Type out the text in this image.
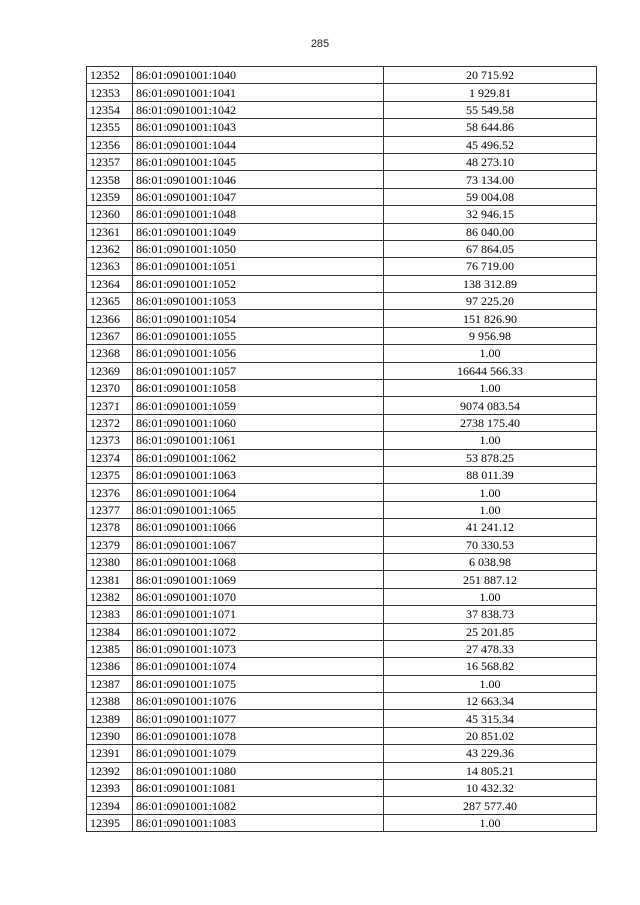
285
12352	86:01:0901001:1040	20 715.92
12353	86:01:0901001:1041	1 929.81
12354	86:01:0901001:1042	55 549.58
12355	86:01:0901001:1043	58 644.86
12356	86:01:0901001:1044	45 496.52
12357	86:01:0901001:1045	48 273.10
12358	86:01:0901001:1046	73 134.00
12359	86:01:0901001:1047	59 004.08
12360	86:01:0901001:1048	32 946.15
12361	86:01:0901001:1049	86 040.00
12362	86:01:0901001:1050	67 864.05
12363	86:01:0901001:1051	76 719.00
12364	86:01:0901001:1052	138 312.89
12365	86:01:0901001:1053	97 225.20
12366	86:01:0901001:1054	151 826.90
12367	86:01:0901001:1055	9 956.98
12368	86:01:0901001:1056	1.00
12369	86:01:0901001:1057	16644 566.33
12370	86:01:0901001:1058	1.00
12371	86:01:0901001:1059	9074 083.54
12372	86:01:0901001:1060	2738 175.40
12373	86:01:0901001:1061	1.00
12374	86:01:0901001:1062	53 878.25
12375	86:01:0901001:1063	88 011.39
12376	86:01:0901001:1064	1.00
12377	86:01:0901001:1065	1.00
12378	86:01:0901001:1066	41 241.12
12379	86:01:0901001:1067	70 330.53
12380	86:01:0901001:1068	6 038.98
12381	86:01:0901001:1069	251 887.12
12382	86:01:0901001:1070	1.00
12383	86:01:0901001:1071	37 838.73
12384	86:01:0901001:1072	25 201.85
12385	86:01:0901001:1073	27 478.33
12386	86:01:0901001:1074	16 568.82
12387	86:01:0901001:1075	1.00
12388	86:01:0901001:1076	12 663.34
12389	86:01:0901001:1077	45 315.34
12390	86:01:0901001:1078	20 851.02
12391	86:01:0901001:1079	43 229.36
12392	86:01:0901001:1080	14 805.21
12393	86:01:0901001:1081	10 432.32
12394	86:01:0901001:1082	287 577.40
12395	86:01:0901001:1083	1.00
